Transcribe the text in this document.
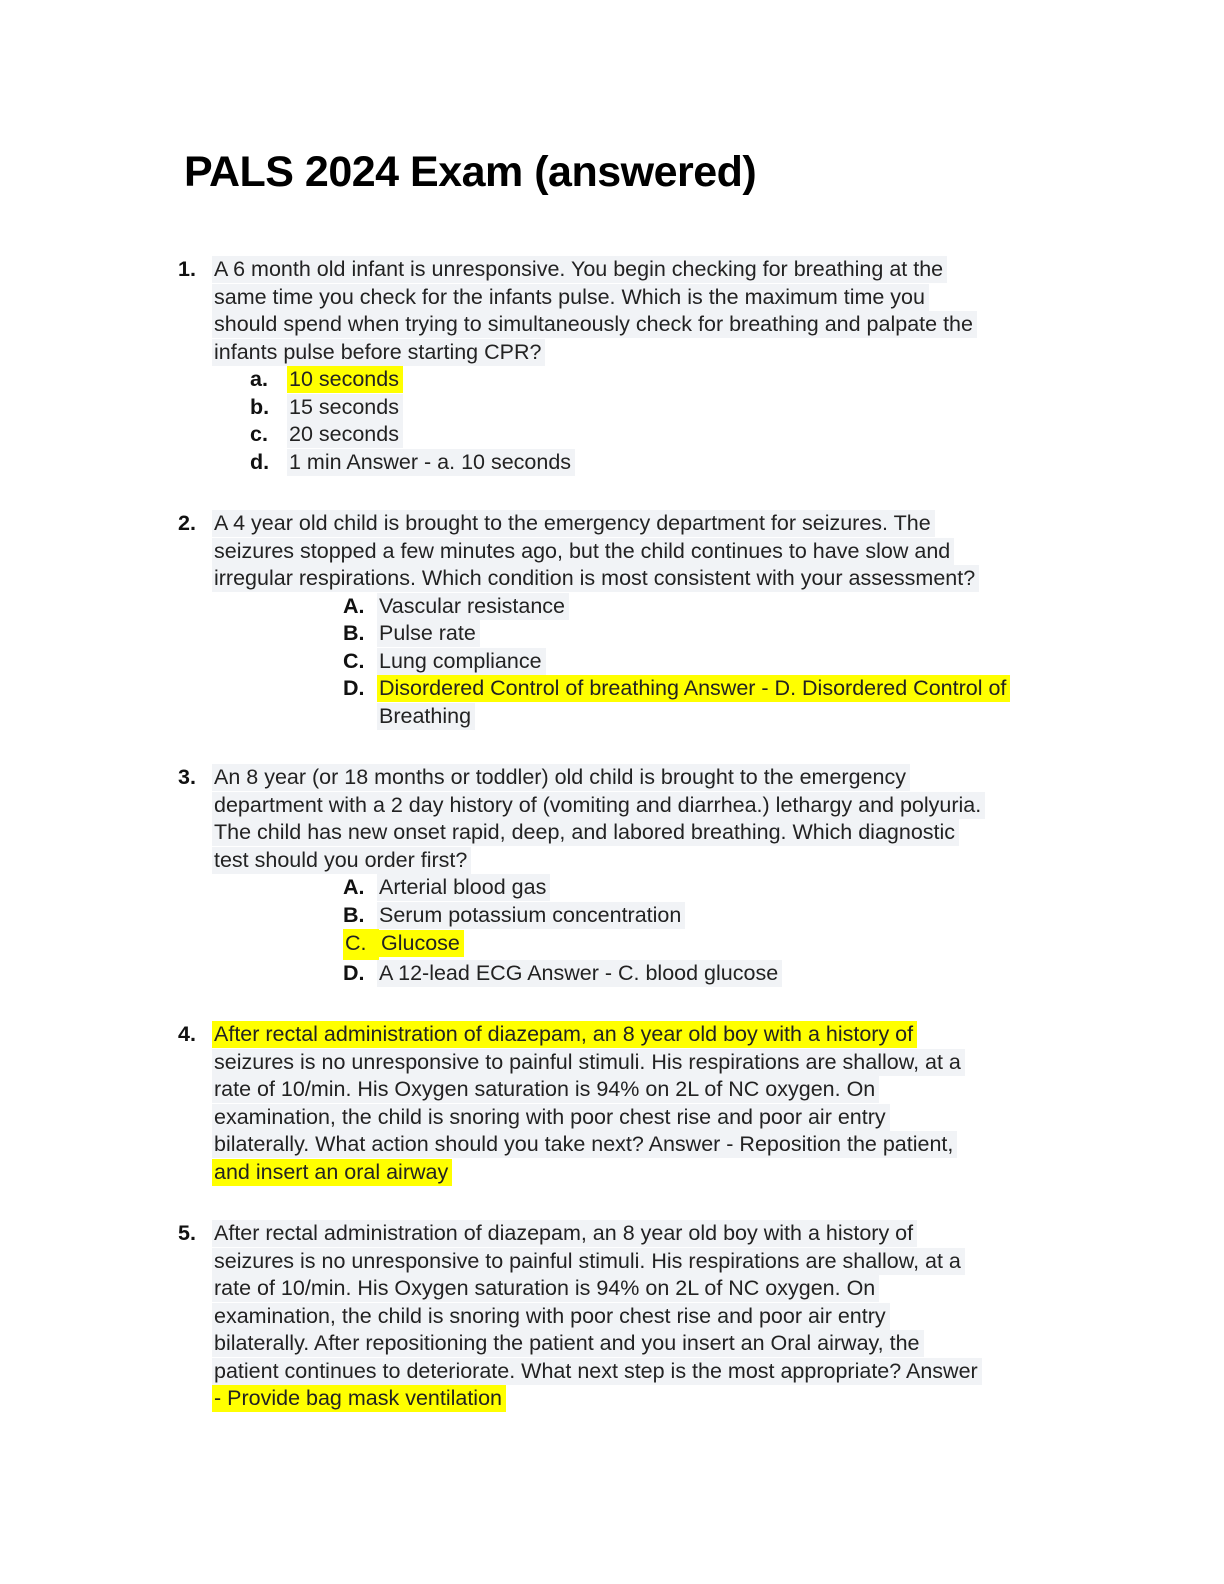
PALS 2024 Exam (answered)
1. A 6 month old infant is unresponsive. You begin checking for breathing at the
same time you check for the infants pulse. Which is the maximum time you
should spend when trying to simultaneously check for breathing and palpate the
infants pulse before starting CPR?
a. 10 seconds
b. 15 seconds
c. 20 seconds
d. 1 min Answer - a. 10 seconds
2. A 4 year old child is brought to the emergency department for seizures. The
seizures stopped a few minutes ago, but the child continues to have slow and
irregular respirations. Which condition is most consistent with your assessment?
A. Vascular resistance
B. Pulse rate
C. Lung compliance
D. Disordered Control of breathing Answer - D. Disordered Control of
Breathing
3. An 8 year (or 18 months or toddler) old child is brought to the emergency
department with a 2 day history of (vomiting and diarrhea.) lethargy and polyuria.
The child has new onset rapid, deep, and labored breathing. Which diagnostic
test should you order first?
A. Arterial blood gas
B. Serum potassium concentration
C. Glucose
D. A 12-lead ECG Answer - C. blood glucose
4. After rectal administration of diazepam, an 8 year old boy with a history of
seizures is no unresponsive to painful stimuli. His respirations are shallow, at a
rate of 10/min. His Oxygen saturation is 94% on 2L of NC oxygen. On
examination, the child is snoring with poor chest rise and poor air entry
bilaterally. What action should you take next? Answer - Reposition the patient,
and insert an oral airway
5. After rectal administration of diazepam, an 8 year old boy with a history of
seizures is no unresponsive to painful stimuli. His respirations are shallow, at a
rate of 10/min. His Oxygen saturation is 94% on 2L of NC oxygen. On
examination, the child is snoring with poor chest rise and poor air entry
bilaterally. After repositioning the patient and you insert an Oral airway, the
patient continues to deteriorate. What next step is the most appropriate? Answer
- Provide bag mask ventilation
